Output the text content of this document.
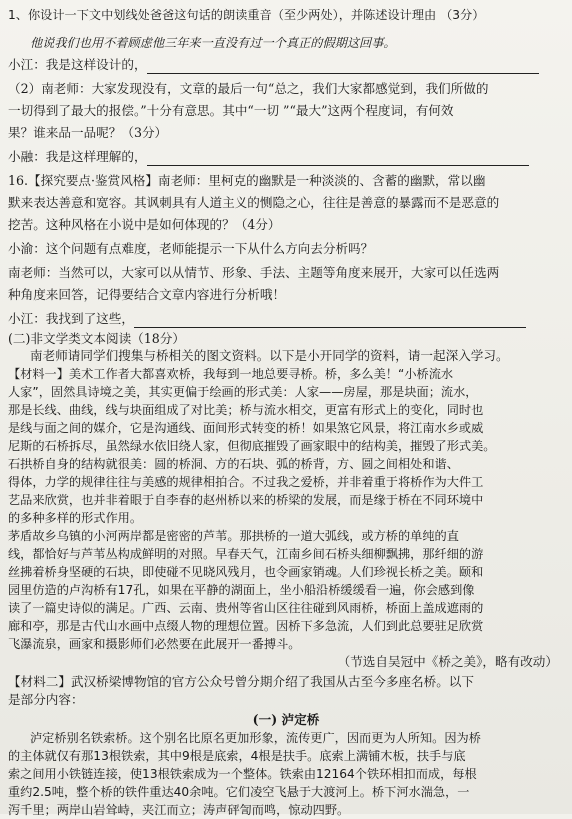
1、你设计一下文中划线处爸爸这句话的朗读重音（至少两处），并陈述设计理由 （3分）
他说我们也用不着顾虑他三年来一直没有过一个真正的假期这回事。
小江：我是这样设计的，
（2）南老师：大家发现没有，文章的最后一句“总之，我们大家都感觉到，我们所做的
一切得到了最大的报偿。”十分有意思。其中“一切 ”“最大”这两个程度词，有何效
果？谁来品一品呢？（3分）
小融：我是这样理解的，
16.【探究要点·鉴赏风格】南老师：里柯克的幽默是一种淡淡的、含蓄的幽默，常以幽
默来表达善意和宽容。其讽刺具有人道主义的恻隐之心，往往是善意的暴露而不是恶意的
挖苦。这种风格在小说中是如何体现的？（4分）
小渝：这个问题有点难度，老师能提示一下从什么方向去分析吗？
南老师：当然可以，大家可以从情节、形象、手法、主题等角度来展开，大家可以任选两
种角度来回答，记得要结合文章内容进行分析哦！
小江：我找到了这些，
(二)非文学类文本阅读（18分）
南老师请同学们搜集与桥相关的图文资料。以下是小开同学的资料，请一起深入学习。
【材料一】美术工作者大都喜欢桥，我每到一地总要寻桥。桥，多么美！“小桥流水
人家”，固然具诗境之美，其实更偏于绘画的形式美：人家——房屋，那是块面；流水，
那是长线、曲线，线与块面组成了对比美；桥与流水相交，更富有形式上的变化，同时也
是线与面之间的媒介，它是沟通线、面间形式转变的桥！如果煞它风景，将江南水乡或威
尼斯的石桥拆尽，虽然绿水依旧绕人家，但彻底摧毁了画家眼中的结构美，摧毁了形式美。
石拱桥自身的结构就很美：圆的桥洞、方的石块、弧的桥背，方、圆之间相处和谐、
得体，力学的规律往往与美感的规律相拍合。不过我之爱桥，并非着重于将桥作为大件工
艺品来欣赏，也并非着眼于自李春的赵州桥以来的桥梁的发展，而是缘于桥在不同环境中
的多种多样的形式作用。
茅盾故乡乌镇的小河两岸都是密密的芦苇。那拱桥的一道大弧线，或方桥的单纯的直
线，都恰好与芦苇丛构成鲜明的对照。早春天气，江南乡间石桥头细柳飘拂，那纤细的游
丝拂着桥身坚硬的石块，即使碰不见晓风残月，也令画家销魂。人们珍视长桥之美。颐和
园里仿造的卢沟桥有17孔，如果在平静的湖面上，坐小船沿桥缓缓看一遍，你会感到像
读了一篇史诗似的满足。广西、云南、贵州等省山区往往碰到风雨桥，桥面上盖成遮雨的
廊和亭，那是古代山水画中点缀人物的理想位置。因桥下多急流，人们到此总要驻足欣赏
飞瀑流泉，画家和摄影师们必然要在此展开一番搏斗。
（节选自吴冠中《桥之美》，略有改动）
【材料二】武汉桥梁博物馆的官方公众号曾分期介绍了我国从古至今多座名桥。以下
是部分内容：
(一) 泸定桥
泸定桥别名铁索桥。这个别名比原名更加形象，流传更广，因而更为人所知。因为桥
的主体就仅有那13根铁索，其中9根是底索，4根是扶手。底索上满铺木板，扶手与底
索之间用小铁链连接，使13根铁索成为一个整体。铁索由12164个铁环相扣而成，每根
重约2.5吨，整个桥的铁件重达40余吨。它们凌空飞悬于大渡河上。桥下河水湍急，一
泻千里；两岸山岩耸峙，夹江而立；涛声砰訇而鸣，惊动四野。
